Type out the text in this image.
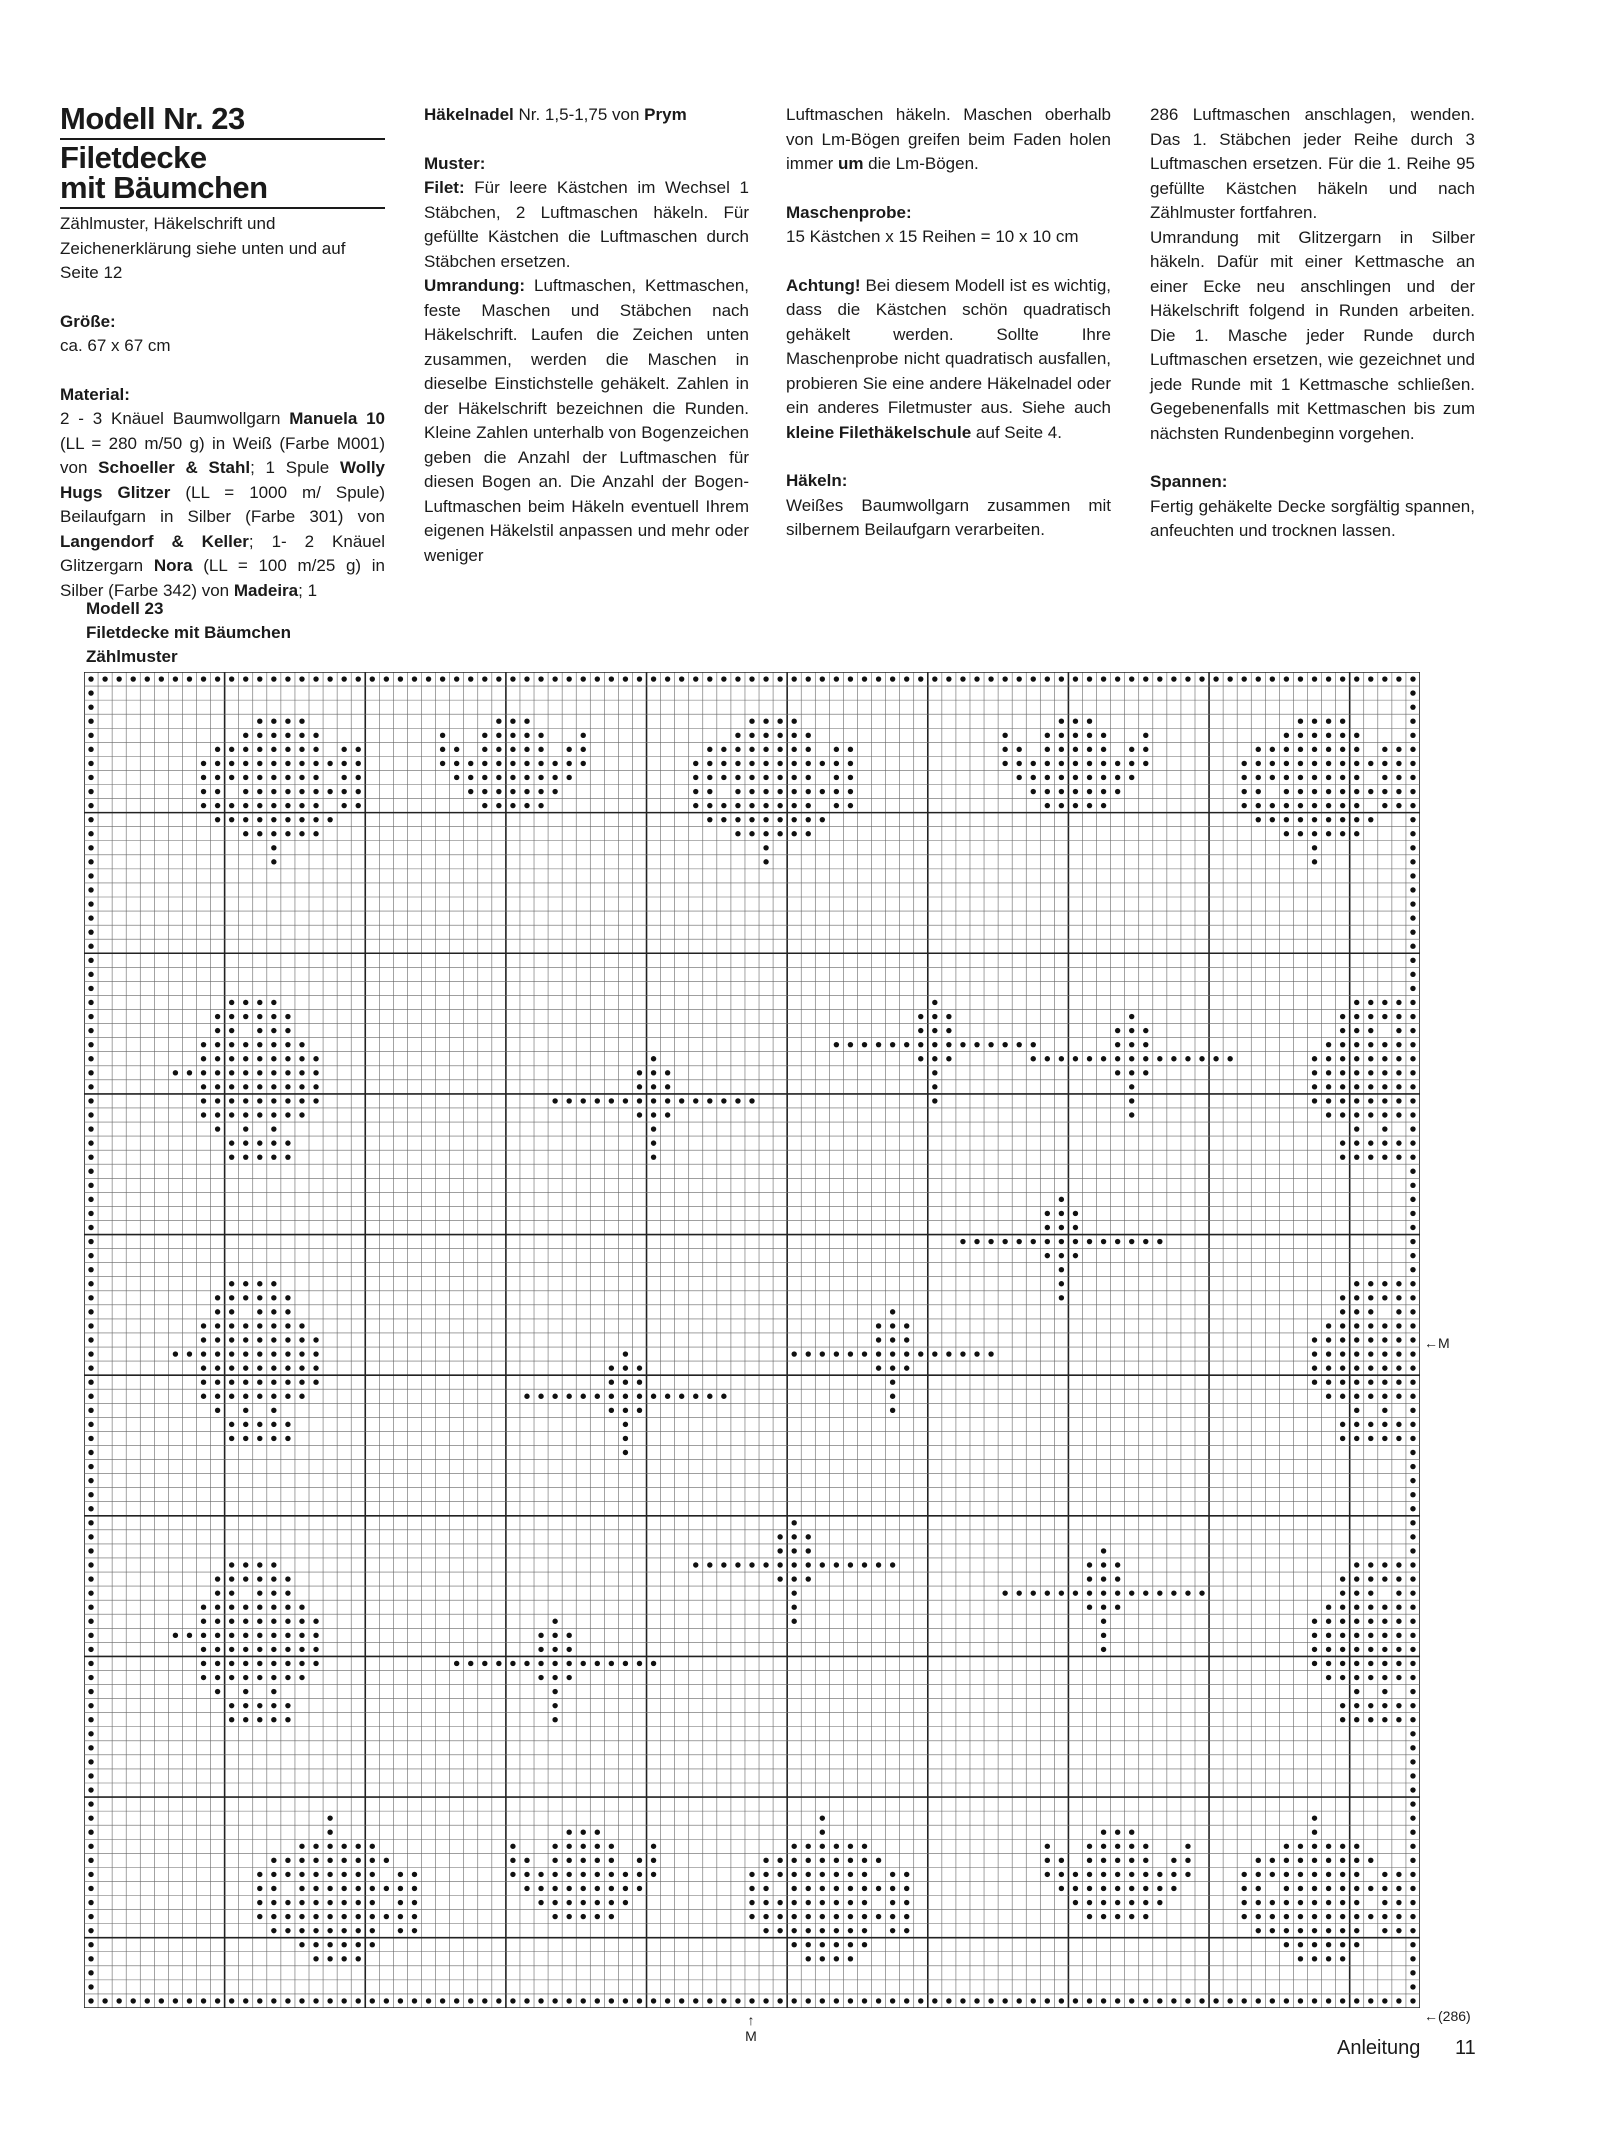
Modell Nr. 23
Filetdecke
mit Bäumchen

Zählmuster, Häkelschrift und Zeichenerklärung siehe unten und auf Seite 12

Größe:

ca. 67 x 67 cm

Material:

2 - 3 Knäuel Baumwollgarn Manuela 10 (LL = 280 m/50 g) in Weiß (Farbe M001) von Schoeller & Stahl; 1 Spule Wolly Hugs Glitzer (LL = 1000 m/ Spule) Beilaufgarn in Silber (Farbe 301) von Langendorf & Keller; 1- 2 Knäuel Glitzergarn Nora (LL = 100 m/25 g) in Silber (Farbe 342) von Madeira; 1

Häkelnadel Nr. 1,5-1,75 von Prym

Muster:

Filet: Für leere Kästchen im Wechsel 1 Stäbchen, 2 Luftmaschen häkeln. Für gefüllte Kästchen die Luftmaschen durch Stäbchen ersetzen.

Umrandung: Luftmaschen, Kettmaschen, feste Maschen und Stäbchen nach Häkelschrift. Laufen die Zeichen unten zusammen, werden die Maschen in dieselbe Einstichstelle gehäkelt. Zahlen in der Häkelschrift bezeichnen die Runden. Kleine Zahlen unterhalb von Bogenzeichen geben die Anzahl der Luftmaschen für diesen Bogen an. Die Anzahl der Bogen-Luftmaschen beim Häkeln eventuell Ihrem eigenen Häkelstil anpassen und mehr oder weniger

Luftmaschen häkeln. Maschen oberhalb von Lm-Bögen greifen beim Faden holen immer um die Lm-Bögen.

Maschenprobe:

15 Kästchen x 15 Reihen = 10 x 10 cm

Achtung! Bei diesem Modell ist es wichtig, dass die Kästchen schön quadratisch gehäkelt werden. Sollte Ihre Maschenprobe nicht quadratisch ausfallen, probieren Sie eine andere Häkelnadel oder ein anderes Filetmuster aus. Siehe auch kleine Filethäkelschule auf Seite 4.

Häkeln:

Weißes Baumwollgarn zusammen mit silbernem Beilaufgarn verarbeiten.

286 Luftmaschen anschlagen, wenden. Das 1. Stäbchen jeder Reihe durch 3 Luftmaschen ersetzen. Für die 1. Reihe 95 gefüllte Kästchen häkeln und nach Zählmuster fortfahren.

Umrandung mit Glitzergarn in Silber häkeln. Dafür mit einer Kettmasche an einer Ecke neu anschlingen und der Häkelschrift folgend in Runden arbeiten. Die 1. Masche jeder Runde durch Luftmaschen ersetzen, wie gezeichnet und jede Runde mit 1 Kettmasche schließen. Gegebenenfalls mit Kettmaschen bis zum nächsten Rundenbeginn vorgehen.

Spannen:

Fertig gehäkelte Decke sorgfältig spannen, anfeuchten und trocknen lassen.

Modell 23
Filetdecke mit Bäumchen
Zählmuster
←M
←(286)
↑
M
Anleitung 11
